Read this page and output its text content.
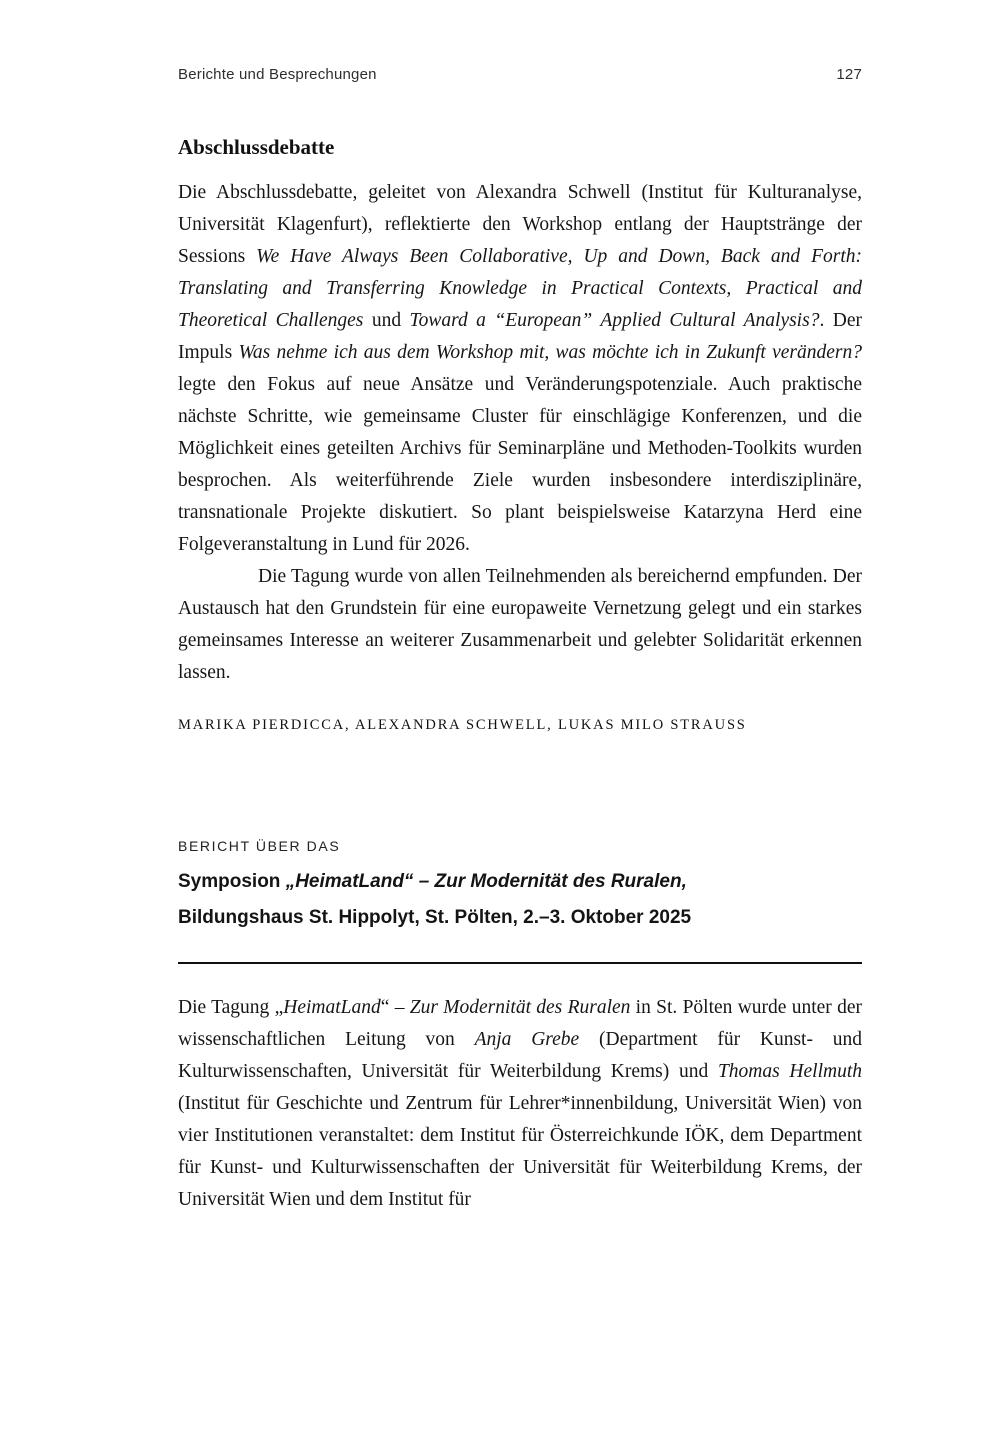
Berichte und Besprechungen	127
Abschlussdebatte

Die Abschlussdebatte, geleitet von Alexandra Schwell (Institut für Kulturanalyse, Universität Klagenfurt), reflektierte den Workshop entlang der Hauptstränge der Sessions We Have Always Been Collaborative, Up and Down, Back and Forth: Translating and Transferring Knowledge in Practical Contexts, Practical and Theoretical Challenges und Toward a “European” Applied Cultural Analysis?. Der Impuls Was nehme ich aus dem Workshop mit, was möchte ich in Zukunft verändern? legte den Fokus auf neue Ansätze und Veränderungspotenziale. Auch praktische nächste Schritte, wie gemeinsame Cluster für einschlägige Konferenzen, und die Möglichkeit eines geteilten Archivs für Seminarpläne und Methoden-Toolkits wurden besprochen. Als weiterführende Ziele wurden insbesondere interdisziplinäre, transnationale Projekte diskutiert. So plant beispielsweise Katarzyna Herd eine Folgeveranstaltung in Lund für 2026.

Die Tagung wurde von allen Teilnehmenden als bereichernd empfunden. Der Austausch hat den Grundstein für eine europaweite Vernetzung gelegt und ein starkes gemeinsames Interesse an weiterer Zusammenarbeit und gelebter Solidarität erkennen lassen.

MARIKA PIERDICCA, ALEXANDRA SCHWELL, LUKAS MILO STRAUSS

BERICHT ÜBER DAS
Symposion „HeimatLand“ – Zur Modernität des Ruralen,
Bildungshaus St. Hippolyt, St. Pölten, 2.–3. Oktober 2025

Die Tagung „HeimatLand“ – Zur Modernität des Ruralen in St. Pölten wurde unter der wissenschaftlichen Leitung von Anja Grebe (Department für Kunst- und Kulturwissenschaften, Universität für Weiterbildung Krems) und Thomas Hellmuth (Institut für Geschichte und Zentrum für Lehrer*innenbildung, Universität Wien) von vier Institutionen veranstaltet: dem Institut für Österreichkunde IÖK, dem Department für Kunst- und Kulturwissenschaften der Universität für Weiterbildung Krems, der Universität Wien und dem Institut für
